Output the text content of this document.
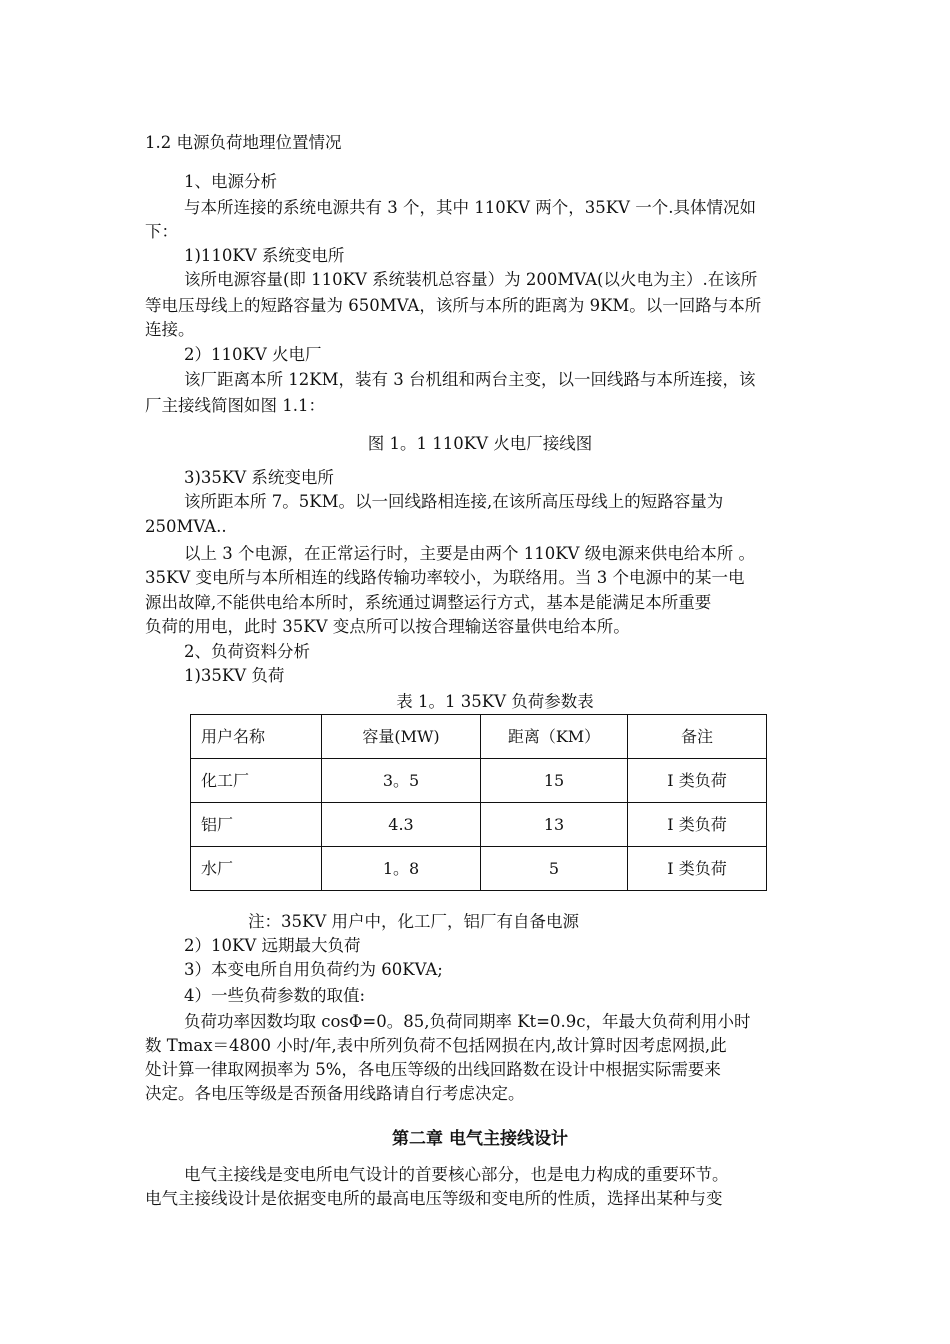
1.2 电源负荷地理位置情况
1、电源分析
与本所连接的系统电源共有 3 个，其中 110KV 两个，35KV 一个.具体情况如
下：
1)110KV 系统变电所
该所电源容量(即 110KV 系统装机总容量）为 200MVA(以火电为主）.在该所
等电压母线上的短路容量为 650MVA，该所与本所的距离为 9KM。以一回路与本所
连接。
2）110KV 火电厂
该厂距离本所 12KM，装有 3 台机组和两台主变，以一回线路与本所连接，该
厂主接线简图如图 1.1：
图 1。1 110KV 火电厂接线图
3)35KV 系统变电所
该所距本所 7。5KM。以一回线路相连接,在该所高压母线上的短路容量为
250MVA..
以上 3 个电源，在正常运行时，主要是由两个 110KV 级电源来供电给本所 。
35KV 变电所与本所相连的线路传输功率较小，为联络用。当 3 个电源中的某一电
源出故障,不能供电给本所时，系统通过调整运行方式，基本是能满足本所重要
负荷的用电，此时 35KV 变点所可以按合理输送容量供电给本所。
2、负荷资料分析
1)35KV 负荷
表 1。1 35KV 负荷参数表
用户名称	容量(MW)	距离（KM）	备注
化工厂	3。5	15	Ⅰ 类负荷
铝厂	4.3	13	Ⅰ 类负荷
水厂	1。8	5	Ⅰ 类负荷
注：35KV 用户中，化工厂，铝厂有自备电源
2）10KV 远期最大负荷
3）本变电所自用负荷约为 60KVA;
4）一些负荷参数的取值:
负荷功率因数均取 cosΦ=0。85,负荷同期率 Kt=0.9c，年最大负荷利用小时
数 Tmax＝4800 小时/年,表中所列负荷不包括网损在内,故计算时因考虑网损,此
处计算一律取网损率为 5%，各电压等级的出线回路数在设计中根据实际需要来
决定。各电压等级是否预备用线路请自行考虑决定。
第二章 电气主接线设计
电气主接线是变电所电气设计的首要核心部分，也是电力构成的重要环节。
电气主接线设计是依据变电所的最高电压等级和变电所的性质，选择出某种与变
